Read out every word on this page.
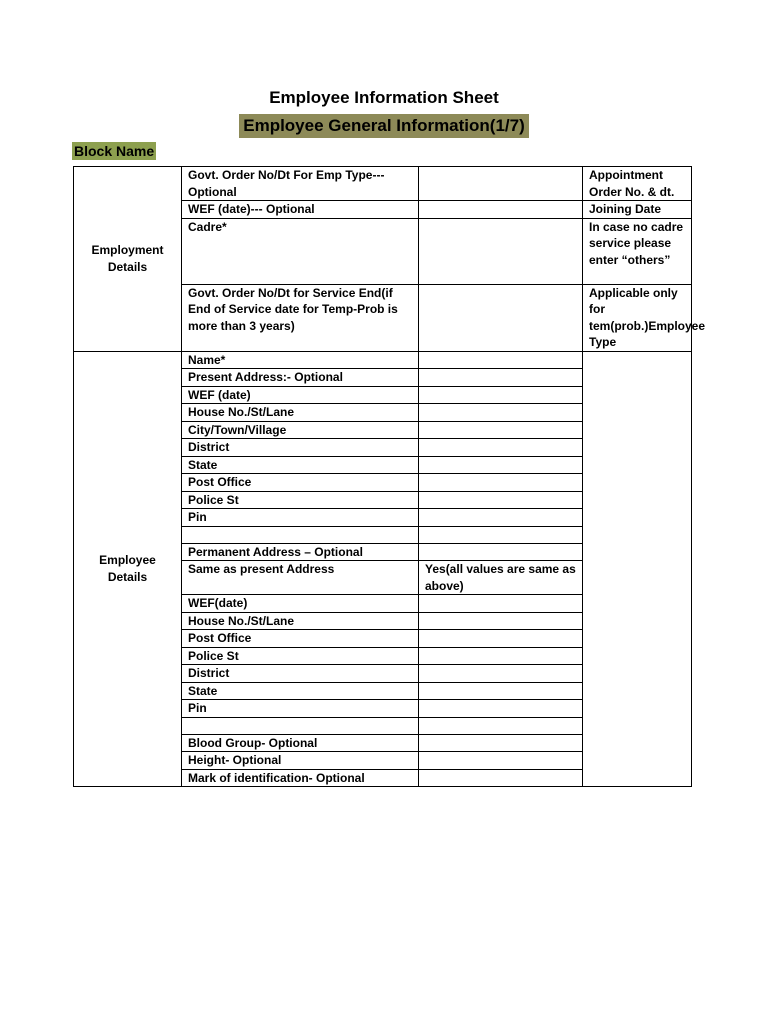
Employee Information Sheet
Employee General Information(1/7)
Block Name
Employment Details	Govt. Order No/Dt For Emp Type--- Optional		Appointment Order No. & dt.
	WEF (date)--- Optional		Joining Date
	Cadre*		In case no cadre service please enter “others”
	Govt. Order No/Dt for Service End(if End of Service date for Temp-Prob is more than 3 years)		Applicable only for tem(prob.)Employee Type
Employee Details	Name*		
	Present Address:- Optional		
	WEF (date)		
	House No./St/Lane		
	City/Town/Village		
	District		
	State		
	Post Office		
	Police St		
	Pin		

	Permanent Address – Optional		
	Same as present Address	Yes(all values are same as above)	
	WEF(date)		
	House No./St/Lane		
	Post Office		
	Police St		
	District		
	State		
	Pin		

	Blood Group- Optional		
	Height- Optional		
	Mark of identification- Optional		
